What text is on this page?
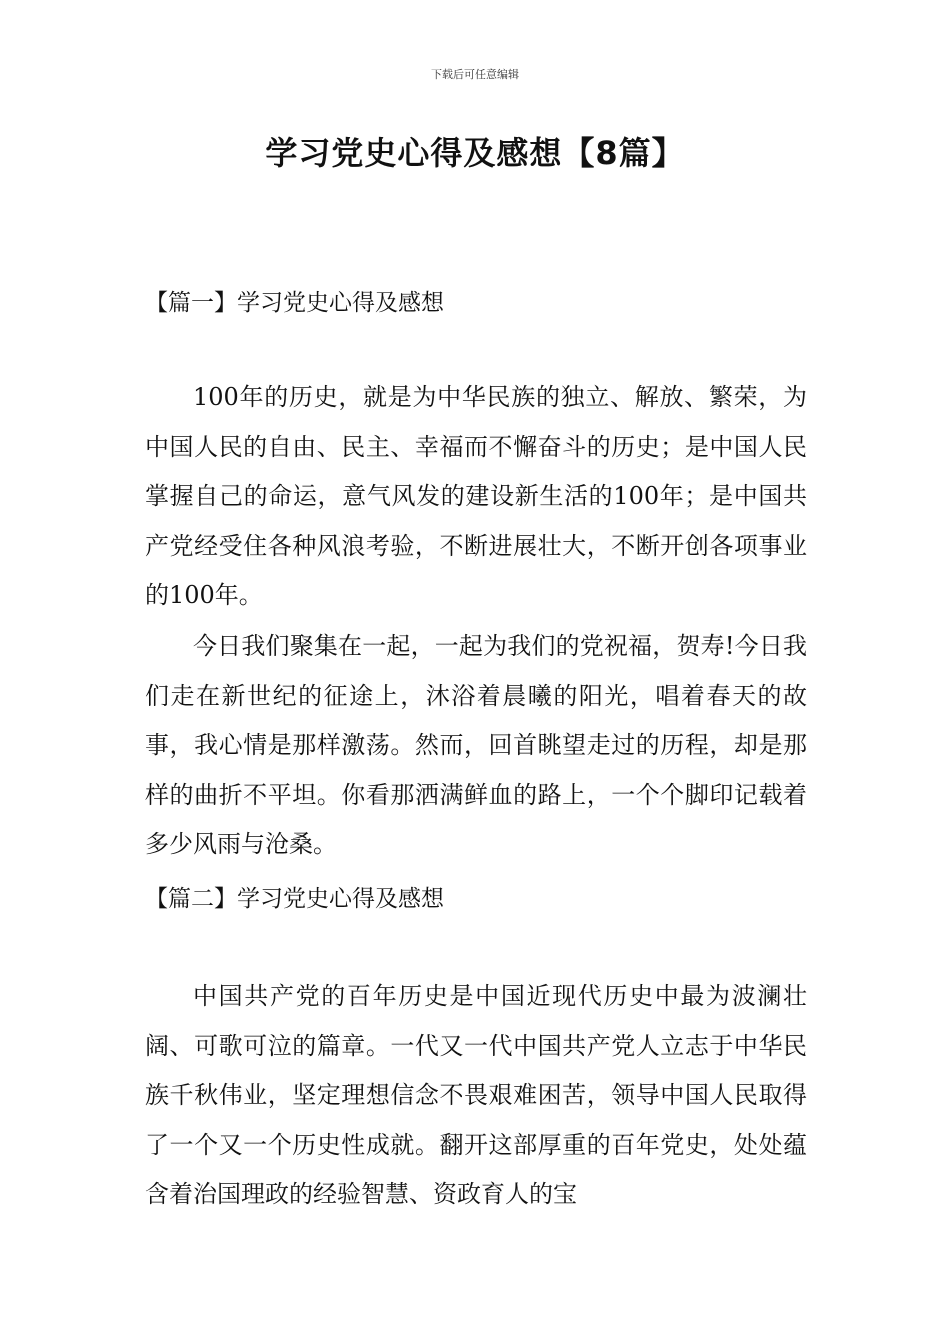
下载后可任意编辑
学习党史心得及感想【8篇】
【篇一】学习党史心得及感想

100年的历史，就是为中华民族的独立、解放、繁荣，为中国人民的自由、民主、幸福而不懈奋斗的历史；是中国人民掌握自己的命运，意气风发的建设新生活的100年；是中国共产党经受住各种风浪考验，不断进展壮大，不断开创各项事业的100年。

今日我们聚集在一起，一起为我们的党祝福，贺寿!今日我们走在新世纪的征途上，沐浴着晨曦的阳光，唱着春天的故事，我心情是那样激荡。然而，回首眺望走过的历程，却是那样的曲折不平坦。你看那洒满鲜血的路上，一个个脚印记载着多少风雨与沧桑。

【篇二】学习党史心得及感想

中国共产党的百年历史是中国近现代历史中最为波澜壮阔、可歌可泣的篇章。一代又一代中国共产党人立志于中华民族千秋伟业，坚定理想信念不畏艰难困苦，领导中国人民取得了一个又一个历史性成就。翻开这部厚重的百年党史，处处蕴含着治国理政的经验智慧、资政育人的宝
